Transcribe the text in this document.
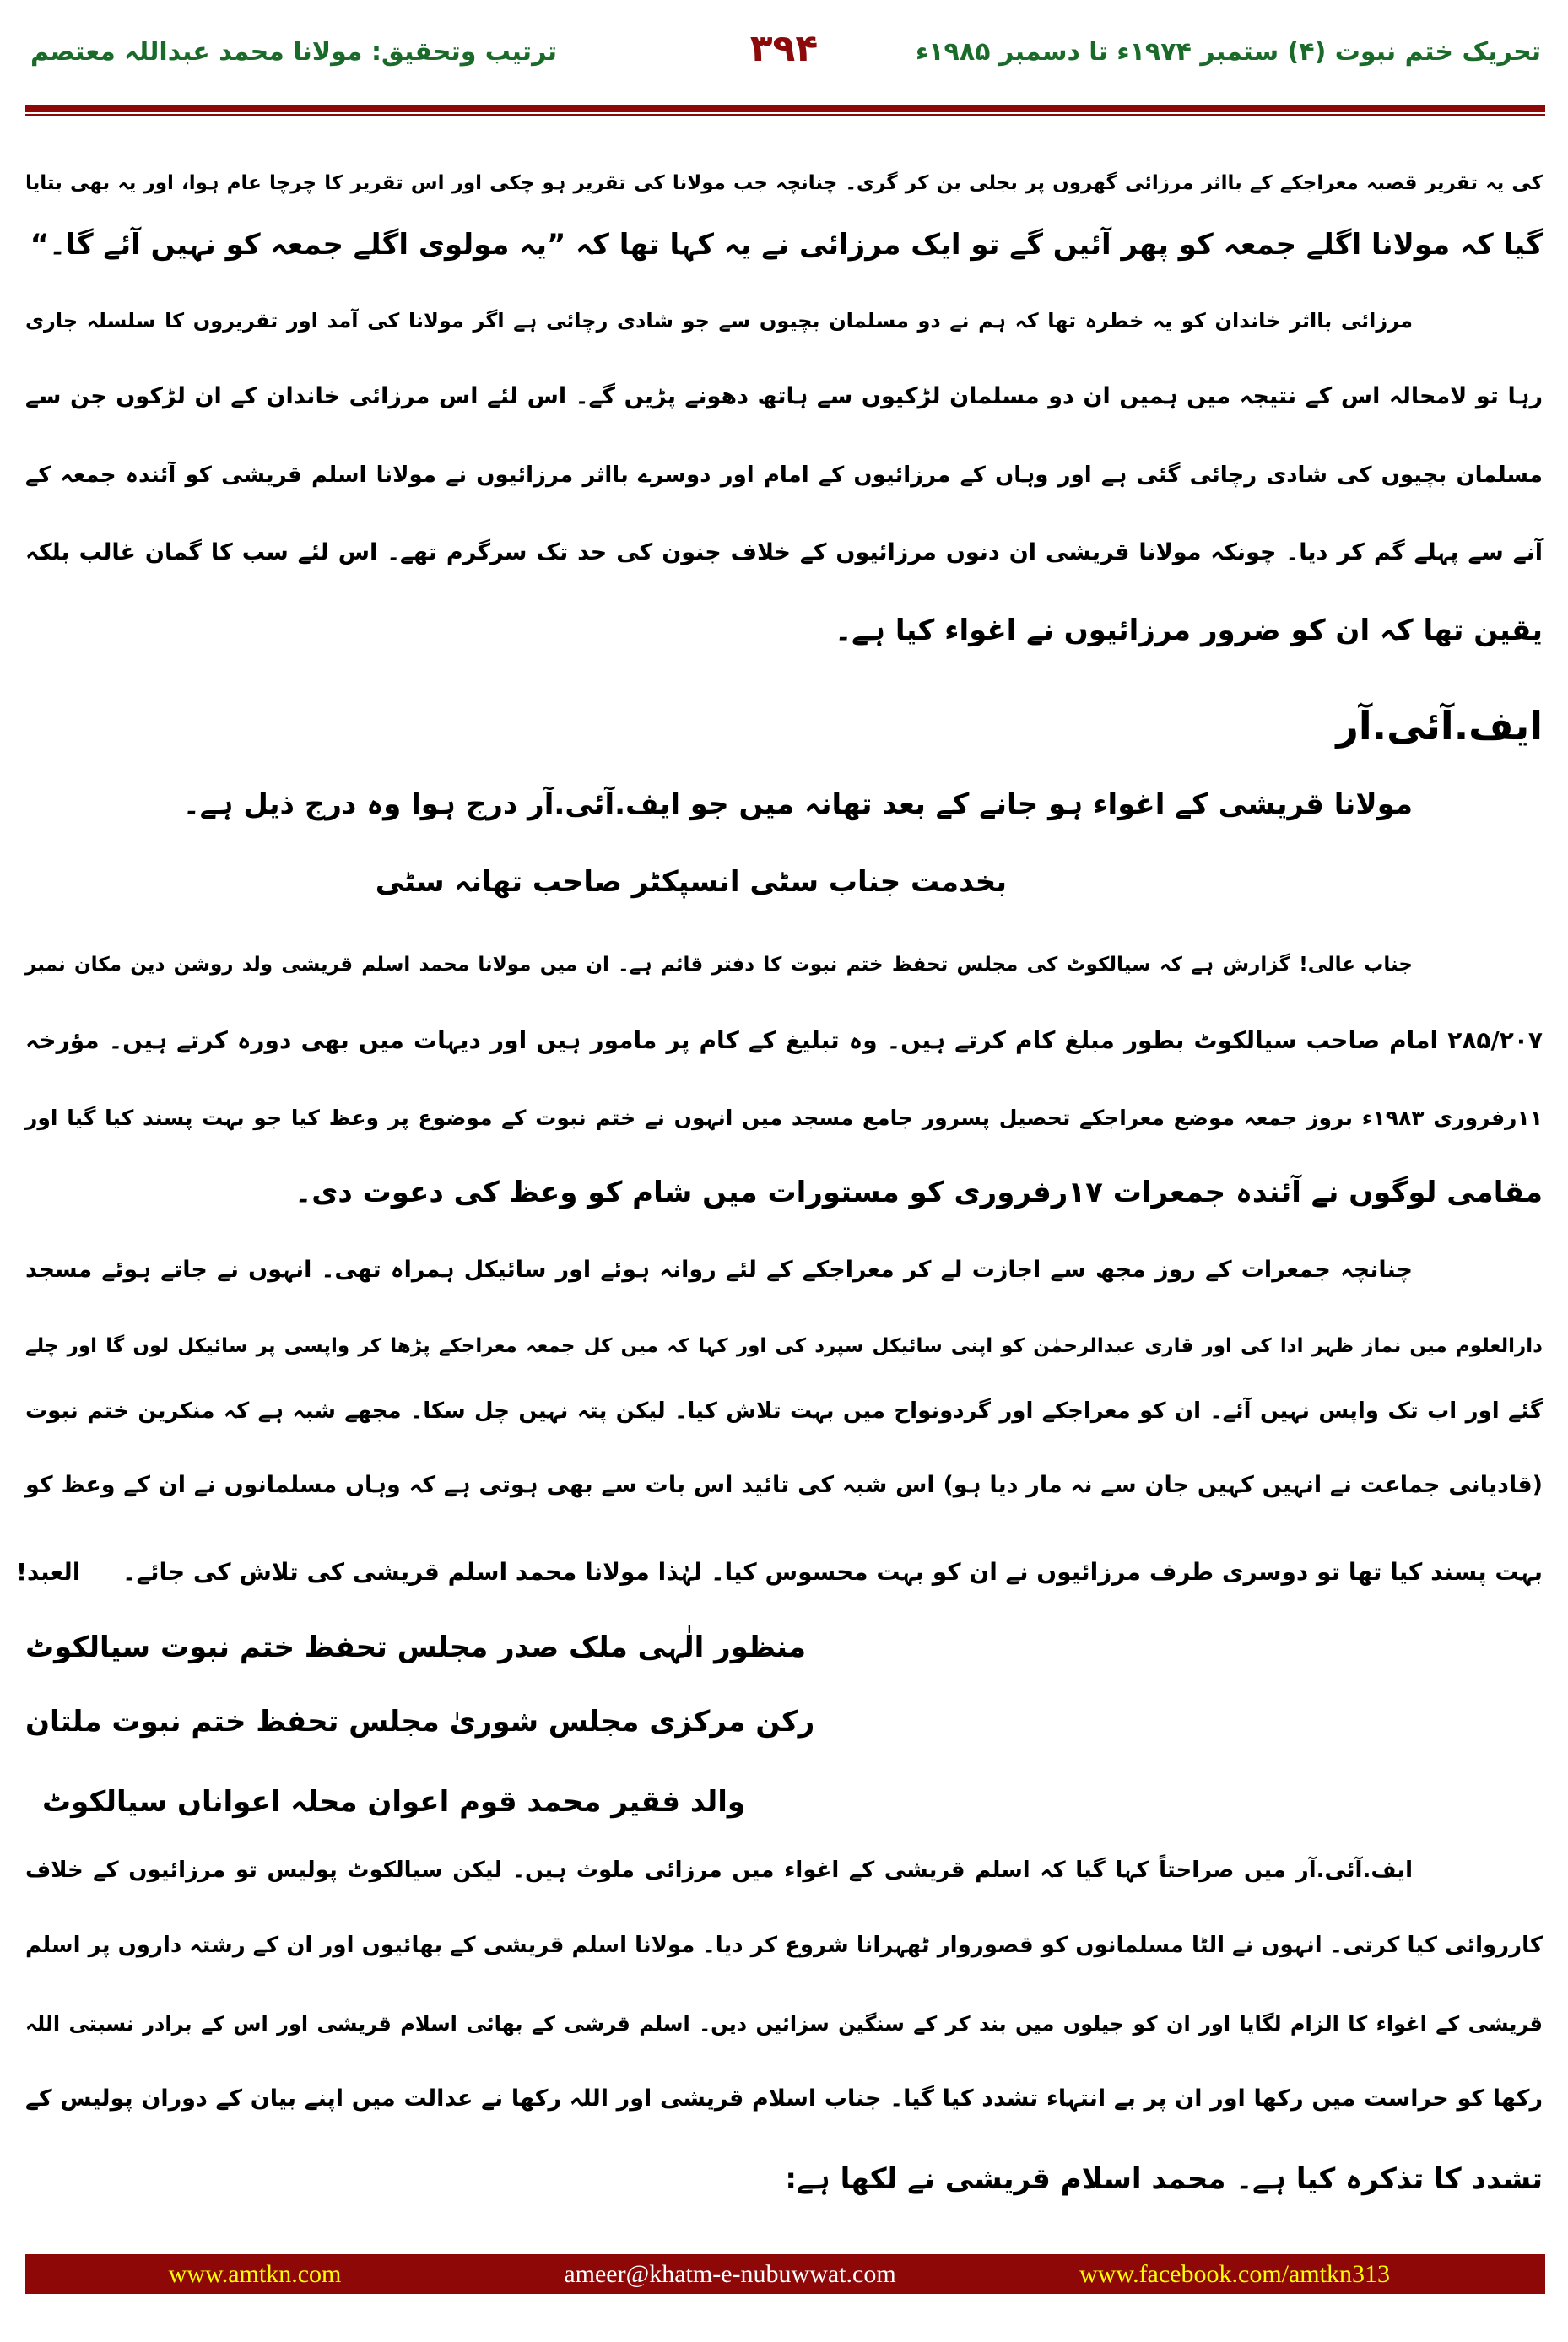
تحریک ختم نبوت (۴) ستمبر ۱۹۷۴ء تا دسمبر ۱۹۸۵ء
۳۹۴
ترتیب وتحقیق: مولانا محمد عبداللہ معتصم
کی یہ تقریر قصبہ معراجکے کے بااثر مرزائی گھروں پر بجلی بن کر گری۔ چنانچہ جب مولانا کی تقریر ہو چکی اور اس تقریر کا چرچا عام ہوا، اور یہ بھی بتایا
گیا کہ مولانا اگلے جمعہ کو پھر آئیں گے تو ایک مرزائی نے یہ کہا تھا کہ ”یہ مولوی اگلے جمعہ کو نہیں آئے گا۔“
مرزائی بااثر خاندان کو یہ خطرہ تھا کہ ہم نے دو مسلمان بچیوں سے جو شادی رچائی ہے اگر مولانا کی آمد اور تقریروں کا سلسلہ جاری
رہا تو لامحالہ اس کے نتیجہ میں ہمیں ان دو مسلمان لڑکیوں سے ہاتھ دھونے پڑیں گے۔ اس لئے اس مرزائی خاندان کے ان لڑکوں جن سے
مسلمان بچیوں کی شادی رچائی گئی ہے اور وہاں کے مرزائیوں کے امام اور دوسرے بااثر مرزائیوں نے مولانا اسلم قریشی کو آئندہ جمعہ کے
آنے سے پہلے گم کر دیا۔ چونکہ مولانا قریشی ان دنوں مرزائیوں کے خلاف جنون کی حد تک سرگرم تھے۔ اس لئے سب کا گمان غالب بلکہ
یقین تھا کہ ان کو ضرور مرزائیوں نے اغواء کیا ہے۔
ایف.آئی.آر
مولانا قریشی کے اغواء ہو جانے کے بعد تھانہ میں جو ایف.آئی.آر درج ہوا وہ درج ذیل ہے۔
بخدمت جناب سٹی انسپکٹر صاحب تھانہ سٹی
جناب عالی! گزارش ہے کہ سیالکوٹ کی مجلس تحفظ ختم نبوت کا دفتر قائم ہے۔ ان میں مولانا محمد اسلم قریشی ولد روشن دین مکان نمبر
۲۸۵/۲۰۷ امام صاحب سیالکوٹ بطور مبلغ کام کرتے ہیں۔ وہ تبلیغ کے کام پر مامور ہیں اور دیہات میں بھی دورہ کرتے ہیں۔ مؤرخہ
۱۱رفروری ۱۹۸۳ء بروز جمعہ موضع معراجکے تحصیل پسرور جامع مسجد میں انہوں نے ختم نبوت کے موضوع پر وعظ کیا جو بہت پسند کیا گیا اور
مقامی لوگوں نے آئندہ جمعرات ۱۷رفروری کو مستورات میں شام کو وعظ کی دعوت دی۔
چنانچہ جمعرات کے روز مجھ سے اجازت لے کر معراجکے کے لئے روانہ ہوئے اور سائیکل ہمراہ تھی۔ انہوں نے جاتے ہوئے مسجد
دارالعلوم میں نماز ظہر ادا کی اور قاری عبدالرحمٰن کو اپنی سائیکل سپرد کی اور کہا کہ میں کل جمعہ معراجکے پڑھا کر واپسی پر سائیکل لوں گا اور چلے
گئے اور اب تک واپس نہیں آئے۔ ان کو معراجکے اور گردونواح میں بہت تلاش کیا۔ لیکن پتہ نہیں چل سکا۔ مجھے شبہ ہے کہ منکرین ختم نبوت
(قادیانی جماعت نے انہیں کہیں جان سے نہ مار دیا ہو) اس شبہ کی تائید اس بات سے بھی ہوتی ہے کہ وہاں مسلمانوں نے ان کے وعظ کو
بہت پسند کیا تھا تو دوسری طرف مرزائیوں نے ان کو بہت محسوس کیا۔ لہٰذا مولانا محمد اسلم قریشی کی تلاش کی جائے۔ العبد!
منظور الٰہی ملک صدر مجلس تحفظ ختم نبوت سیالکوٹ
رکن مرکزی مجلس شوریٰ مجلس تحفظ ختم نبوت ملتان
والد فقیر محمد قوم اعوان محلہ اعواناں سیالکوٹ
ایف.آئی.آر میں صراحتاً کہا گیا کہ اسلم قریشی کے اغواء میں مرزائی ملوث ہیں۔ لیکن سیالکوٹ پولیس تو مرزائیوں کے خلاف
کارروائی کیا کرتی۔ انہوں نے الٹا مسلمانوں کو قصوروار ٹھہرانا شروع کر دیا۔ مولانا اسلم قریشی کے بھائیوں اور ان کے رشتہ داروں پر اسلم
قریشی کے اغواء کا الزام لگایا اور ان کو جیلوں میں بند کر کے سنگین سزائیں دیں۔ اسلم قرشی کے بھائی اسلام قریشی اور اس کے برادر نسبتی اللہ
رکھا کو حراست میں رکھا اور ان پر بے انتہاء تشدد کیا گیا۔ جناب اسلام قریشی اور اللہ رکھا نے عدالت میں اپنے بیان کے دوران پولیس کے
تشدد کا تذکرہ کیا ہے۔ محمد اسلام قریشی نے لکھا ہے:
www.amtkn.com	ameer@khatm-e-nubuwwat.com	www.facebook.com/amtkn313
